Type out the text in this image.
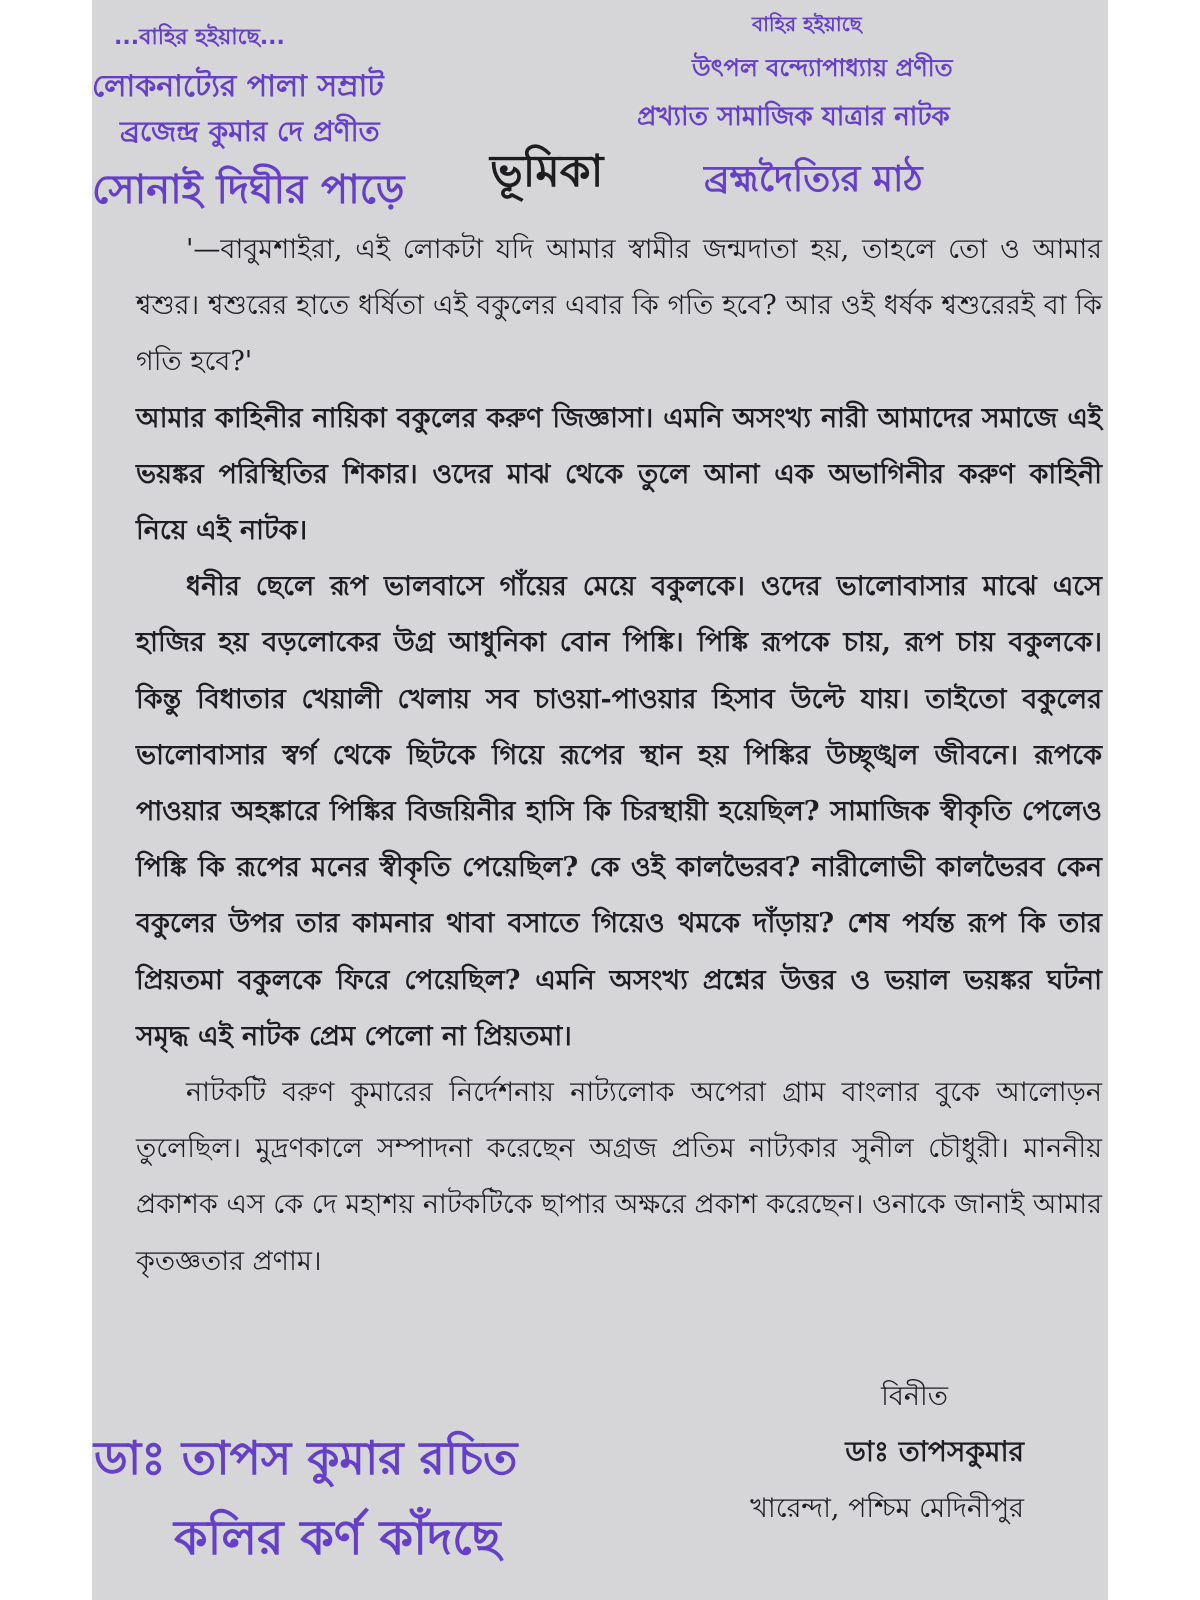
...বাহির হইয়াছে...
লোকনাট্যের পালা সম্রাট
ব্রজেন্দ্র কুমার দে প্রণীত
সোনাই দিঘীর পাড়ে
বাহির হইয়াছে
উৎপল বন্দ্যোপাধ্যায় প্রণীত
প্রখ্যাত সামাজিক যাত্রার নাটক
ব্রহ্মদৈত্যির মাঠ
ভূমিকা

'—বাবুমশাইরা, এই লোকটা যদি আমার স্বামীর জন্মদাতা হয়, তাহলে তো ও আমার শ্বশুর। শ্বশুরের হাতে ধর্ষিতা এই বকুলের এবার কি গতি হবে? আর ওই ধর্ষক শ্বশুরেরই বা কি গতি হবে?'

আমার কাহিনীর নায়িকা বকুলের করুণ জিজ্ঞাসা। এমনি অসংখ্য নারী আমাদের সমাজে এই ভয়ঙ্কর পরিস্থিতির শিকার। ওদের মাঝ থেকে তুলে আনা এক অভাগিনীর করুণ কাহিনী নিয়ে এই নাটক।

ধনীর ছেলে রূপ ভালবাসে গাঁয়ের মেয়ে বকুলকে। ওদের ভালোবাসার মাঝে এসে হাজির হয় বড়লোকের উগ্র আধুনিকা বোন পিঙ্কি। পিঙ্কি রূপকে চায়, রূপ চায় বকুলকে। কিন্তু বিধাতার খেয়ালী খেলায় সব চাওয়া-পাওয়ার হিসাব উল্টে যায়। তাইতো বকুলের ভালোবাসার স্বর্গ থেকে ছিটকে গিয়ে রূপের স্থান হয় পিঙ্কির উচ্ছৃঙ্খল জীবনে। রূপকে পাওয়ার অহঙ্কারে পিঙ্কির বিজয়িনীর হাসি কি চিরস্থায়ী হয়েছিল? সামাজিক স্বীকৃতি পেলেও পিঙ্কি কি রূপের মনের স্বীকৃতি পেয়েছিল? কে ওই কালভৈরব? নারীলোভী কালভৈরব কেন বকুলের উপর তার কামনার থাবা বসাতে গিয়েও থমকে দাঁড়ায়? শেষ পর্যন্ত রূপ কি তার প্রিয়তমা বকুলকে ফিরে পেয়েছিল? এমনি অসংখ্য প্রশ্নের উত্তর ও ভয়াল ভয়ঙ্কর ঘটনা সমৃদ্ধ এই নাটক প্রেম পেলো না প্রিয়তমা।

নাটকটি বরুণ কুমারের নির্দেশনায় নাট্যলোক অপেরা গ্রাম বাংলার বুকে আলোড়ন তুলেছিল। মুদ্রণকালে সম্পাদনা করেছেন অগ্রজ প্রতিম নাট্যকার সুনীল চৌধুরী। মাননীয় প্রকাশক এস কে দে মহাশয় নাটকটিকে ছাপার অক্ষরে প্রকাশ করেছেন। ওনাকে জানাই আমার কৃতজ্ঞতার প্রণাম।

বিনীত
ডাঃ তাপসকুমার
খারেন্দা, পশ্চিম মেদিনীপুর
ডাঃ তাপস কুমার রচিত
কলির কর্ণ কাঁদছে
